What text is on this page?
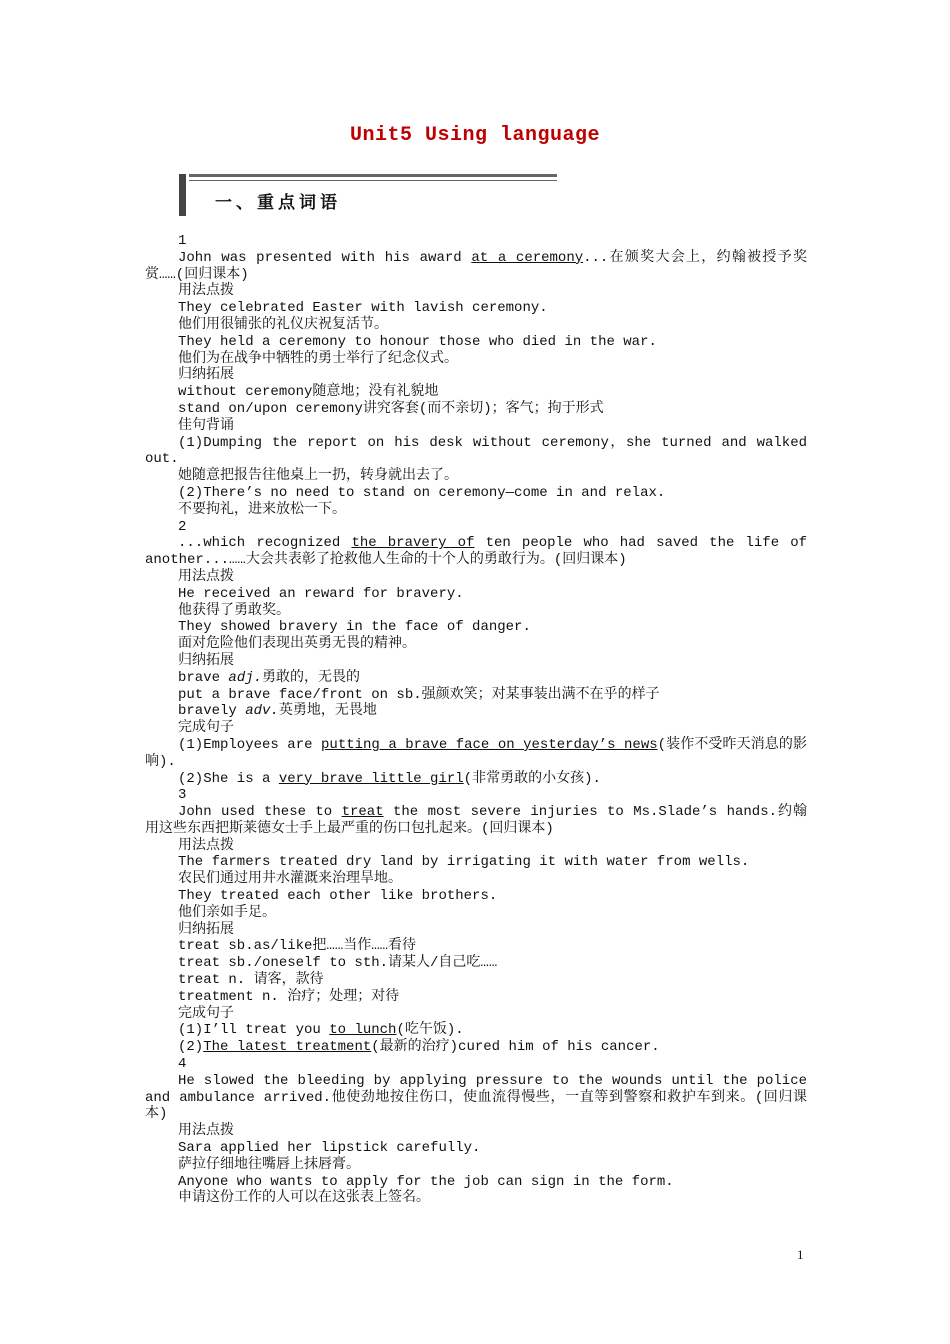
Unit5 Using language
一、重点词语

1

John was presented with his award at a ceremony...在颁奖大会上，约翰被授予奖赏……(回归课本)

用法点拨

They celebrated Easter with lavish ceremony.

他们用很铺张的礼仪庆祝复活节。

They held a ceremony to honour those who died in the war.

他们为在战争中牺牲的勇士举行了纪念仪式。

归纳拓展

without ceremony随意地；没有礼貌地

stand on/upon ceremony讲究客套(而不亲切)；客气；拘于形式

佳句背诵

(1)Dumping the report on his desk without ceremony，she turned and walked out.

她随意把报告往他桌上一扔，转身就出去了。

(2)There’s no need to stand on ceremony—come in and relax.

不要拘礼，进来放松一下。

2

...which recognized the bravery of ten people who had saved the life of another...……大会共表彰了抢救他人生命的十个人的勇敢行为。(回归课本)

用法点拨

He received an reward for bravery.

他获得了勇敢奖。

They showed bravery in the face of danger.

面对危险他们表现出英勇无畏的精神。

归纳拓展

brave adj.勇敢的，无畏的

put a brave face/front on sb.强颜欢笑；对某事装出满不在乎的样子

bravely adv.英勇地，无畏地

完成句子

(1)Employees are putting a brave face on yesterday’s news(装作不受昨天消息的影响).

(2)She is a very brave little girl(非常勇敢的小女孩).

3

John used these to treat the most severe injuries to Ms.Slade’s hands.约翰用这些东西把斯莱德女士手上最严重的伤口包扎起来。(回归课本)

用法点拨

The farmers treated dry land by irrigating it with water from wells.

农民们通过用井水灌溉来治理旱地。

They treated each other like brothers.

他们亲如手足。

归纳拓展

treat sb.as/like把……当作……看待

treat sb./oneself to sth.请某人/自己吃……

treat n. 请客，款待

treatment n. 治疗；处理；对待

完成句子

(1)I’ll treat you to lunch(吃午饭).

(2)The latest treatment(最新的治疗)cured him of his cancer.

4

He slowed the bleeding by applying pressure to the wounds until the police and ambulance arrived.他使劲地按住伤口，使血流得慢些，一直等到警察和救护车到来。(回归课本)

用法点拨

Sara applied her lipstick carefully.

萨拉仔细地往嘴唇上抹唇膏。

Anyone who wants to apply for the job can sign in the form.

申请这份工作的人可以在这张表上签名。

1
